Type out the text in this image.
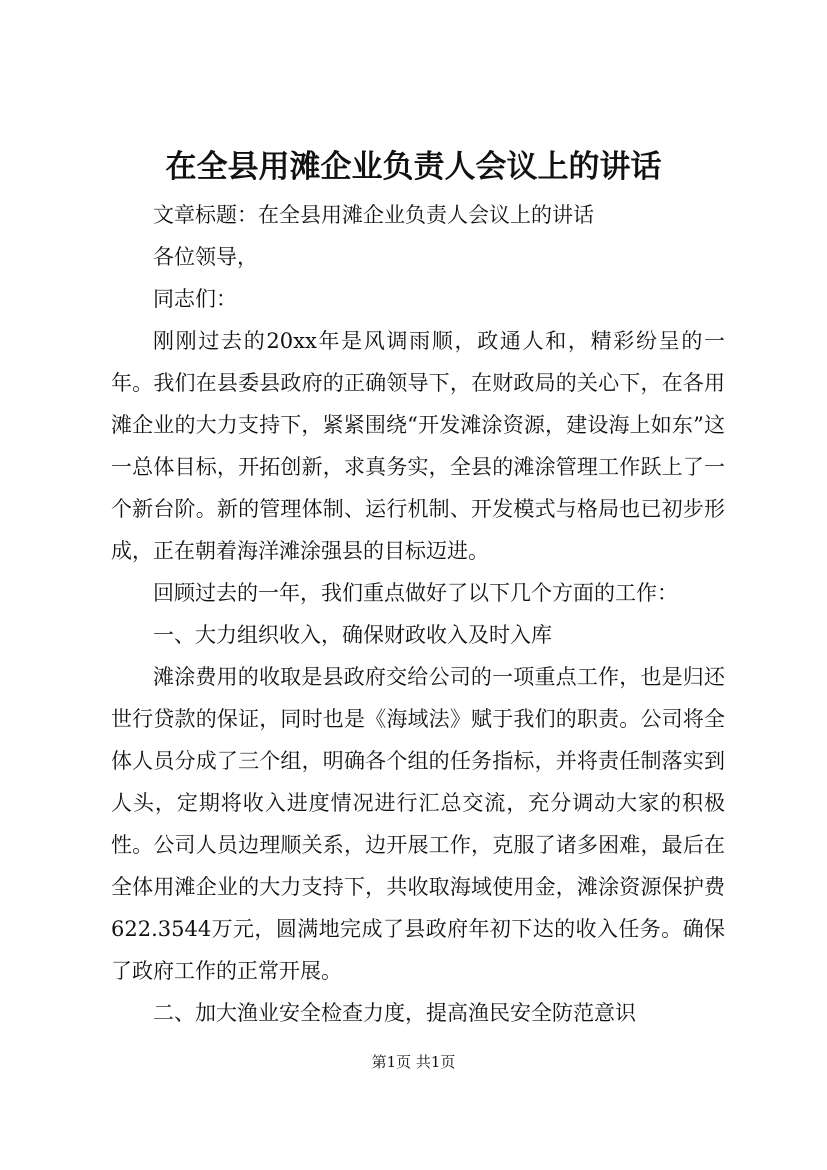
在全县用滩企业负责人会议上的讲话

文章标题：在全县用滩企业负责人会议上的讲话

各位领导，

同志们：

刚刚过去的20xx年是风调雨顺，政通人和，精彩纷呈的一年。我们在县委县政府的正确领导下，在财政局的关心下，在各用滩企业的大力支持下，紧紧围绕“开发滩涂资源，建设海上如东”这一总体目标，开拓创新，求真务实，全县的滩涂管理工作跃上了一个新台阶。新的管理体制、运行机制、开发模式与格局也已初步形成，正在朝着海洋滩涂强县的目标迈进。

回顾过去的一年，我们重点做好了以下几个方面的工作：

一、大力组织收入，确保财政收入及时入库

滩涂费用的收取是县政府交给公司的一项重点工作，也是归还世行贷款的保证，同时也是《海域法》赋于我们的职责。公司将全体人员分成了三个组，明确各个组的任务指标，并将责任制落实到人头，定期将收入进度情况进行汇总交流，充分调动大家的积极性。公司人员边理顺关系，边开展工作，克服了诸多困难，最后在全体用滩企业的大力支持下，共收取海域使用金，滩涂资源保护费622.3544万元，圆满地完成了县政府年初下达的收入任务。确保了政府工作的正常开展。

二、加大渔业安全检查力度，提高渔民安全防范意识

第1页 共1页
